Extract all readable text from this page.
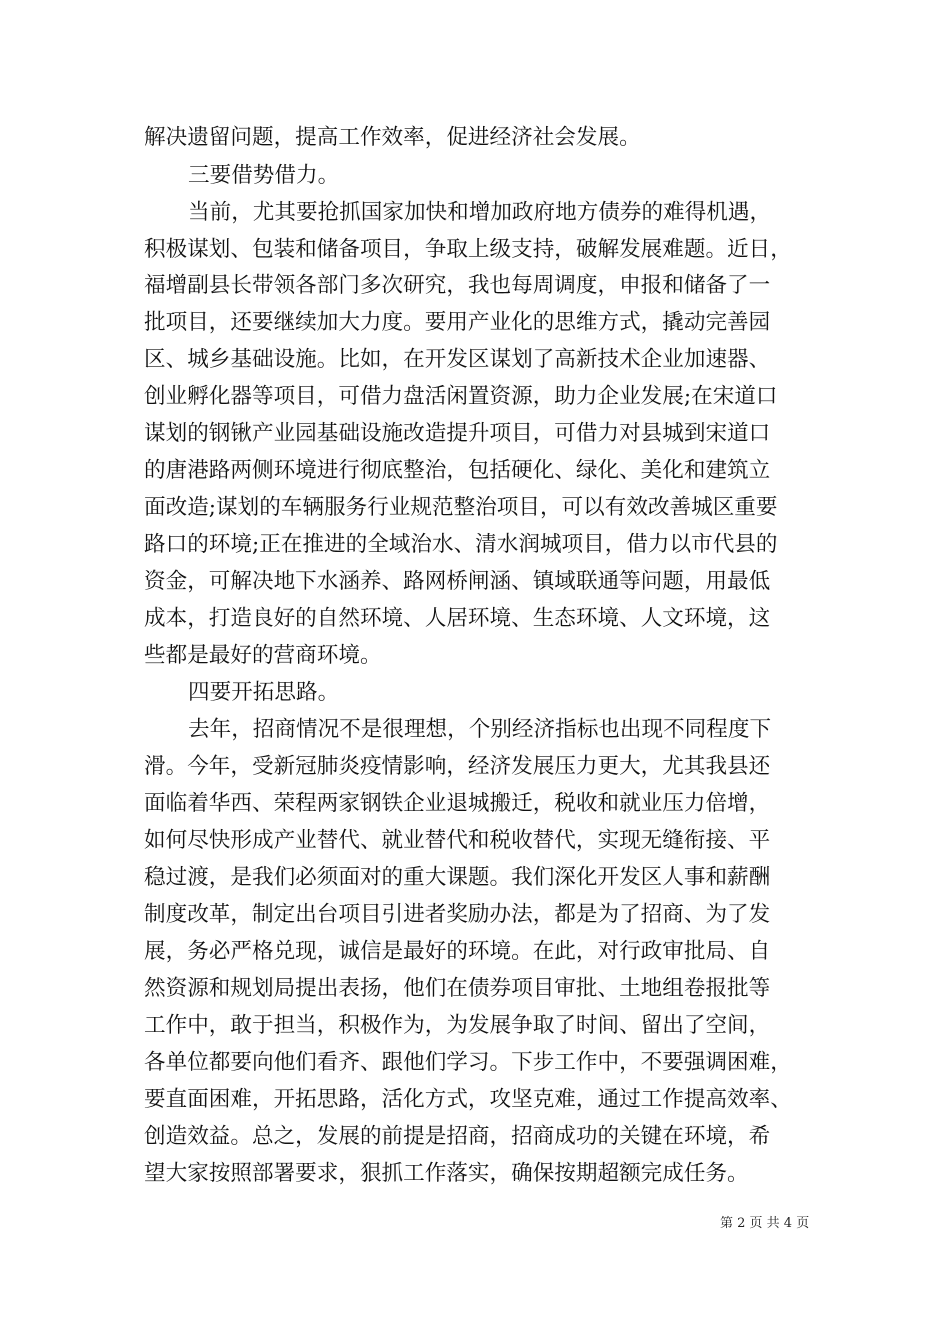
解决遗留问题，提高工作效率，促进经济社会发展。
三要借势借力。
当前，尤其要抢抓国家加快和增加政府地方债券的难得机遇，
积极谋划、包装和储备项目，争取上级支持，破解发展难题。近日，
福增副县长带领各部门多次研究，我也每周调度，申报和储备了一
批项目，还要继续加大力度。要用产业化的思维方式，撬动完善园
区、城乡基础设施。比如，在开发区谋划了高新技术企业加速器、
创业孵化器等项目，可借力盘活闲置资源，助力企业发展;在宋道口
谋划的钢锹产业园基础设施改造提升项目，可借力对县城到宋道口
的唐港路两侧环境进行彻底整治，包括硬化、绿化、美化和建筑立
面改造;谋划的车辆服务行业规范整治项目，可以有效改善城区重要
路口的环境;正在推进的全域治水、清水润城项目，借力以市代县的
资金，可解决地下水涵养、路网桥闸涵、镇域联通等问题，用最低
成本，打造良好的自然环境、人居环境、生态环境、人文环境，这
些都是最好的营商环境。
四要开拓思路。
去年，招商情况不是很理想，个别经济指标也出现不同程度下
滑。今年，受新冠肺炎疫情影响，经济发展压力更大，尤其我县还
面临着华西、荣程两家钢铁企业退城搬迁，税收和就业压力倍增，
如何尽快形成产业替代、就业替代和税收替代，实现无缝衔接、平
稳过渡，是我们必须面对的重大课题。我们深化开发区人事和薪酬
制度改革，制定出台项目引进者奖励办法，都是为了招商、为了发
展，务必严格兑现，诚信是最好的环境。在此，对行政审批局、自
然资源和规划局提出表扬，他们在债券项目审批、土地组卷报批等
工作中，敢于担当，积极作为，为发展争取了时间、留出了空间，
各单位都要向他们看齐、跟他们学习。下步工作中，不要强调困难，
要直面困难，开拓思路，活化方式，攻坚克难，通过工作提高效率、
创造效益。总之，发展的前提是招商，招商成功的关键在环境，希
望大家按照部署要求，狠抓工作落实，确保按期超额完成任务。
第 2 页 共 4 页
